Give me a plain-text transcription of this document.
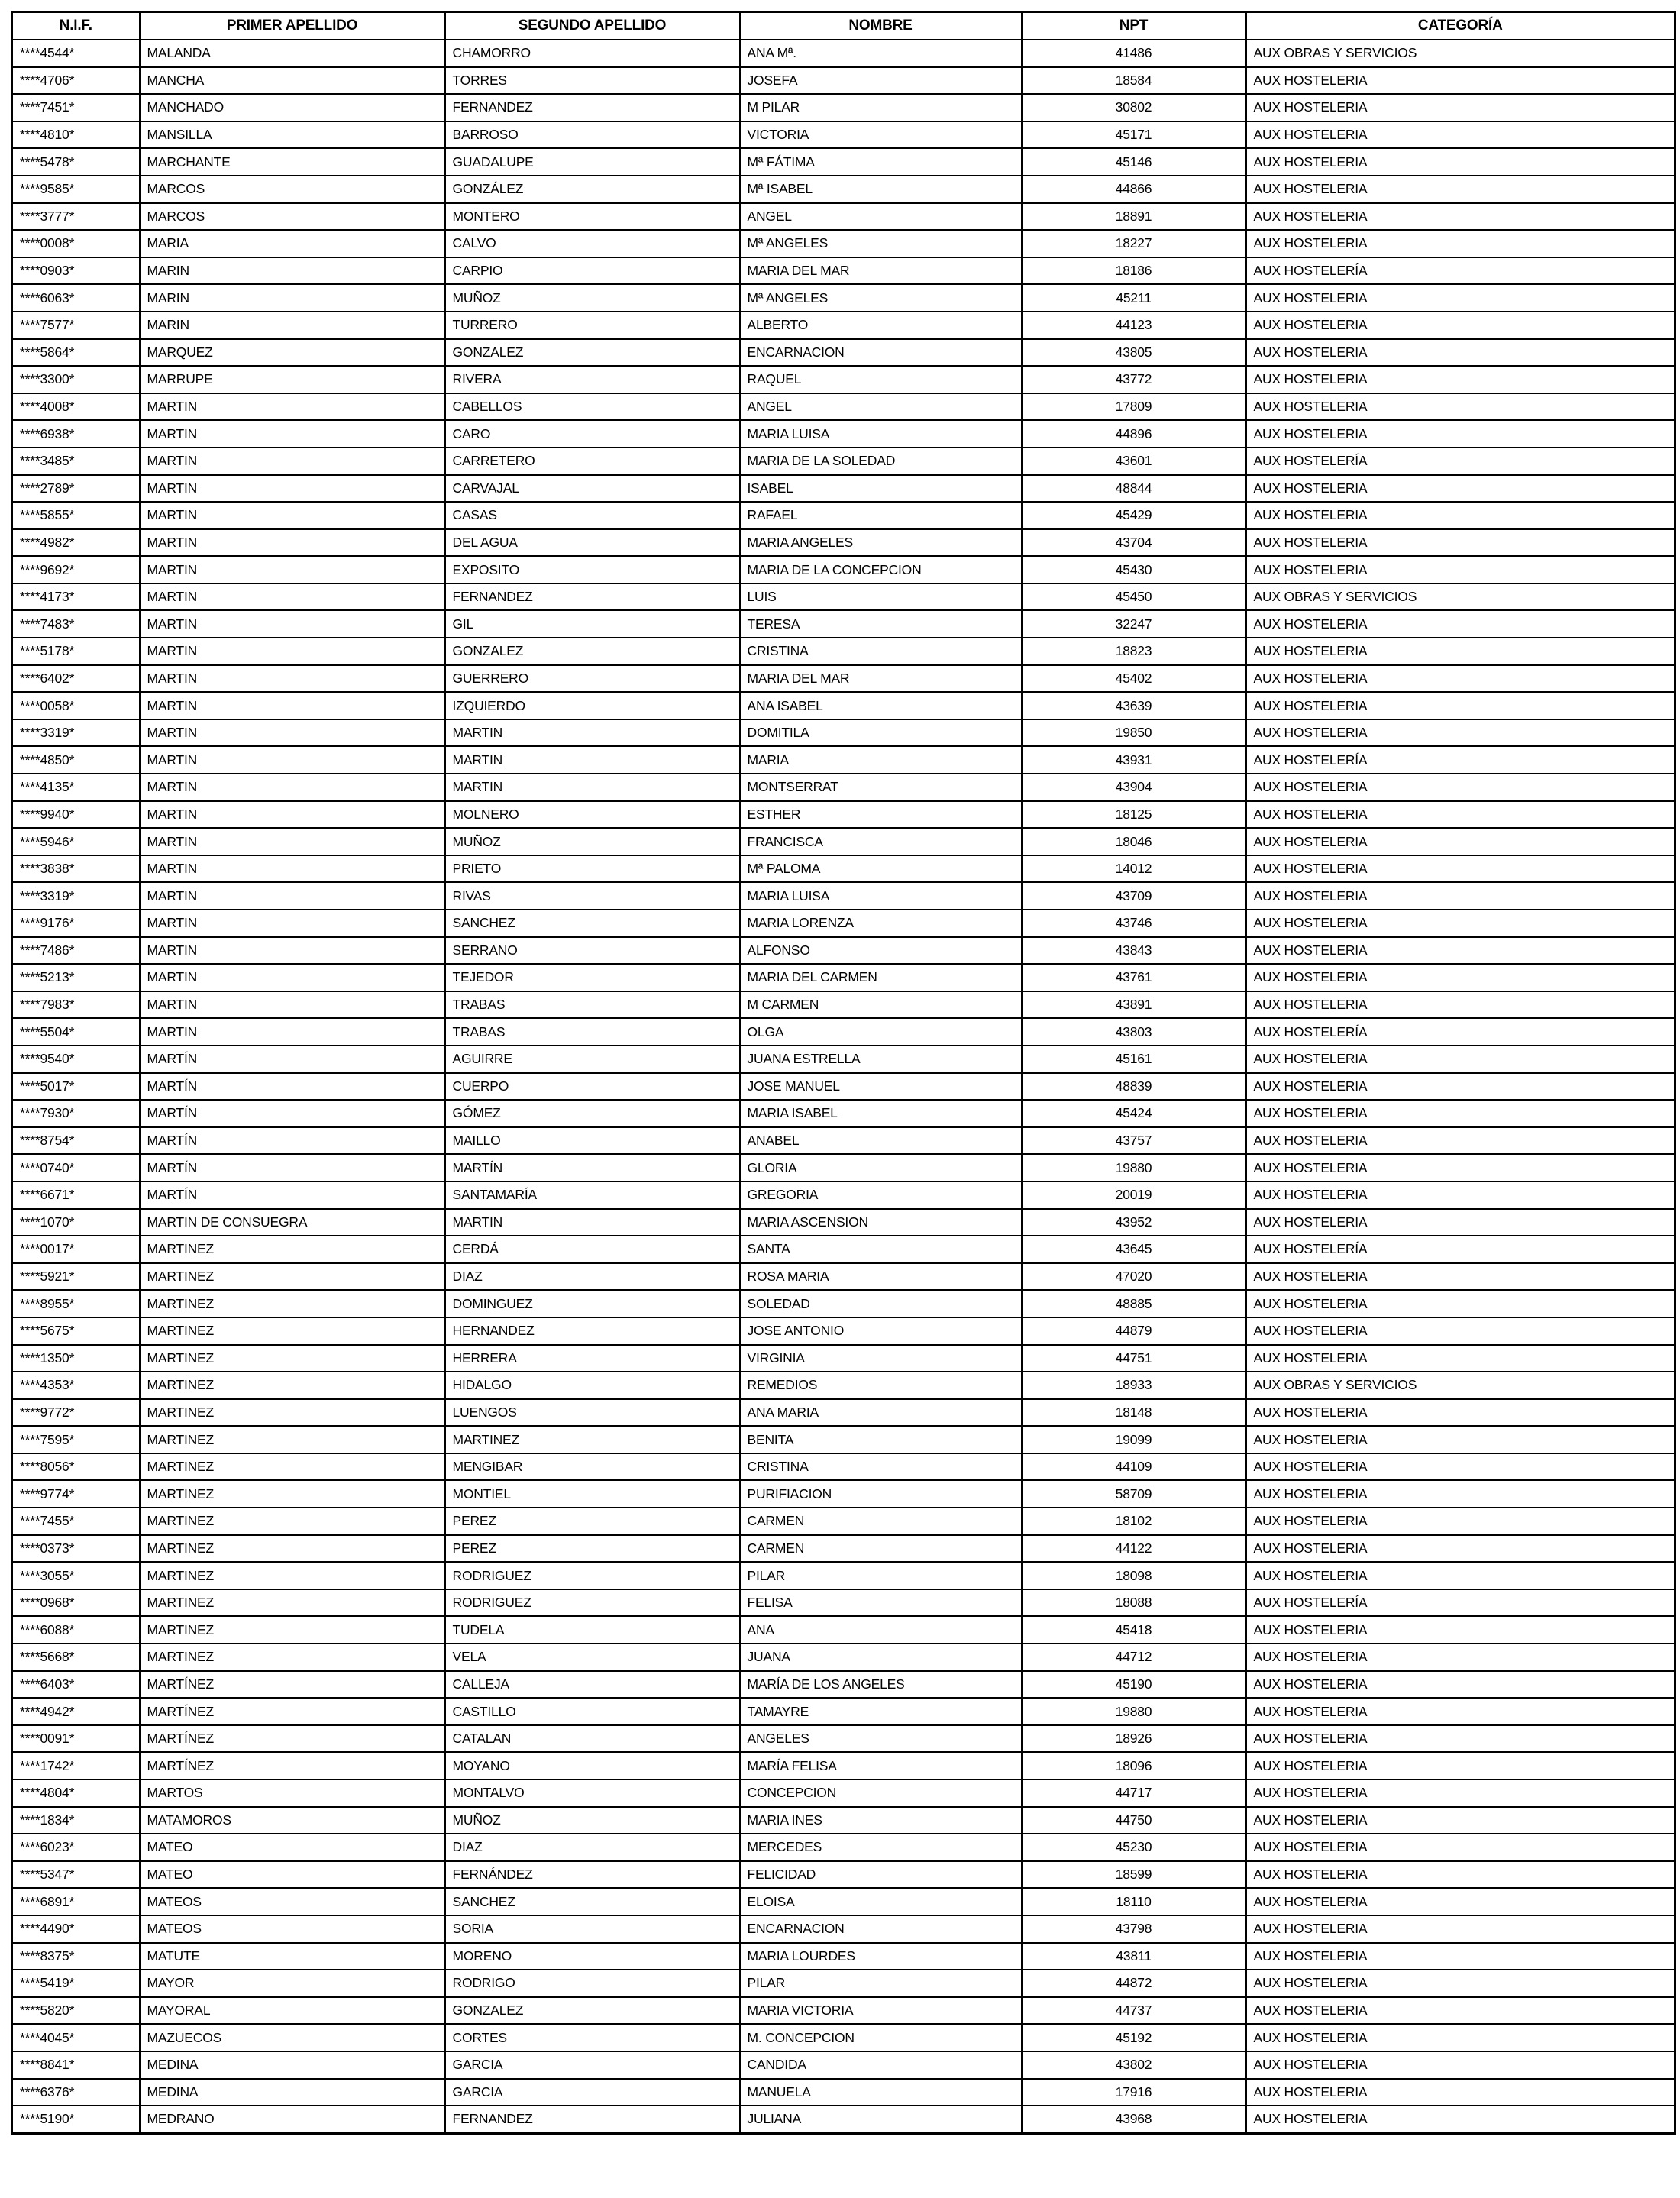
N.I.F.	PRIMER APELLIDO	SEGUNDO APELLIDO	NOMBRE	NPT	CATEGORÍA
****4544*	MALANDA	CHAMORRO	ANA Mª.	41486	AUX OBRAS Y SERVICIOS
****4706*	MANCHA	TORRES	JOSEFA	18584	AUX HOSTELERIA
****7451*	MANCHADO	FERNANDEZ	M PILAR	30802	AUX HOSTELERIA
****4810*	MANSILLA	BARROSO	VICTORIA	45171	AUX HOSTELERIA
****5478*	MARCHANTE	GUADALUPE	Mª FÁTIMA	45146	AUX HOSTELERIA
****9585*	MARCOS	GONZÁLEZ	Mª ISABEL	44866	AUX HOSTELERIA
****3777*	MARCOS	MONTERO	ANGEL	18891	AUX HOSTELERIA
****0008*	MARIA	CALVO	Mª ANGELES	18227	AUX HOSTELERIA
****0903*	MARIN	CARPIO	MARIA DEL MAR	18186	AUX HOSTELERÍA
****6063*	MARIN	MUÑOZ	Mª ANGELES	45211	AUX HOSTELERIA
****7577*	MARIN	TURRERO	ALBERTO	44123	AUX HOSTELERIA
****5864*	MARQUEZ	GONZALEZ	ENCARNACION	43805	AUX HOSTELERIA
****3300*	MARRUPE	RIVERA	RAQUEL	43772	AUX HOSTELERIA
****4008*	MARTIN	CABELLOS	ANGEL	17809	AUX HOSTELERIA
****6938*	MARTIN	CARO	MARIA LUISA	44896	AUX HOSTELERIA
****3485*	MARTIN	CARRETERO	MARIA DE LA SOLEDAD	43601	AUX HOSTELERÍA
****2789*	MARTIN	CARVAJAL	ISABEL	48844	AUX HOSTELERIA
****5855*	MARTIN	CASAS	RAFAEL	45429	AUX HOSTELERIA
****4982*	MARTIN	DEL AGUA	MARIA ANGELES	43704	AUX HOSTELERIA
****9692*	MARTIN	EXPOSITO	MARIA DE LA CONCEPCION	45430	AUX HOSTELERIA
****4173*	MARTIN	FERNANDEZ	LUIS	45450	AUX OBRAS Y SERVICIOS
****7483*	MARTIN	GIL	TERESA	32247	AUX HOSTELERIA
****5178*	MARTIN	GONZALEZ	CRISTINA	18823	AUX HOSTELERIA
****6402*	MARTIN	GUERRERO	MARIA DEL MAR	45402	AUX HOSTELERIA
****0058*	MARTIN	IZQUIERDO	ANA ISABEL	43639	AUX HOSTELERIA
****3319*	MARTIN	MARTIN	DOMITILA	19850	AUX HOSTELERIA
****4850*	MARTIN	MARTIN	MARIA	43931	AUX HOSTELERÍA
****4135*	MARTIN	MARTIN	MONTSERRAT	43904	AUX HOSTELERIA
****9940*	MARTIN	MOLNERO	ESTHER	18125	AUX HOSTELERIA
****5946*	MARTIN	MUÑOZ	FRANCISCA	18046	AUX HOSTELERIA
****3838*	MARTIN	PRIETO	Mª PALOMA	14012	AUX HOSTELERIA
****3319*	MARTIN	RIVAS	MARIA LUISA	43709	AUX HOSTELERIA
****9176*	MARTIN	SANCHEZ	MARIA LORENZA	43746	AUX HOSTELERIA
****7486*	MARTIN	SERRANO	ALFONSO	43843	AUX HOSTELERIA
****5213*	MARTIN	TEJEDOR	MARIA DEL CARMEN	43761	AUX HOSTELERIA
****7983*	MARTIN	TRABAS	M CARMEN	43891	AUX HOSTELERIA
****5504*	MARTIN	TRABAS	OLGA	43803	AUX HOSTELERÍA
****9540*	MARTÍN	AGUIRRE	JUANA ESTRELLA	45161	AUX HOSTELERIA
****5017*	MARTÍN	CUERPO	JOSE MANUEL	48839	AUX HOSTELERIA
****7930*	MARTÍN	GÓMEZ	MARIA ISABEL	45424	AUX HOSTELERIA
****8754*	MARTÍN	MAILLO	ANABEL	43757	AUX HOSTELERIA
****0740*	MARTÍN	MARTÍN	GLORIA	19880	AUX HOSTELERIA
****6671*	MARTÍN	SANTAMARÍA	GREGORIA	20019	AUX HOSTELERIA
****1070*	MARTIN DE CONSUEGRA	MARTIN	MARIA ASCENSION	43952	AUX HOSTELERIA
****0017*	MARTINEZ	CERDÁ	SANTA	43645	AUX HOSTELERÍA
****5921*	MARTINEZ	DIAZ	ROSA MARIA	47020	AUX HOSTELERIA
****8955*	MARTINEZ	DOMINGUEZ	SOLEDAD	48885	AUX HOSTELERIA
****5675*	MARTINEZ	HERNANDEZ	JOSE ANTONIO	44879	AUX HOSTELERIA
****1350*	MARTINEZ	HERRERA	VIRGINIA	44751	AUX HOSTELERIA
****4353*	MARTINEZ	HIDALGO	REMEDIOS	18933	AUX OBRAS Y SERVICIOS
****9772*	MARTINEZ	LUENGOS	ANA MARIA	18148	AUX HOSTELERIA
****7595*	MARTINEZ	MARTINEZ	BENITA	19099	AUX HOSTELERIA
****8056*	MARTINEZ	MENGIBAR	CRISTINA	44109	AUX HOSTELERIA
****9774*	MARTINEZ	MONTIEL	PURIFIACION	58709	AUX HOSTELERIA
****7455*	MARTINEZ	PEREZ	CARMEN	18102	AUX HOSTELERIA
****0373*	MARTINEZ	PEREZ	CARMEN	44122	AUX HOSTELERIA
****3055*	MARTINEZ	RODRIGUEZ	PILAR	18098	AUX HOSTELERIA
****0968*	MARTINEZ	RODRIGUEZ	FELISA	18088	AUX HOSTELERÍA
****6088*	MARTINEZ	TUDELA	ANA	45418	AUX HOSTELERIA
****5668*	MARTINEZ	VELA	JUANA	44712	AUX HOSTELERIA
****6403*	MARTÍNEZ	CALLEJA	MARÍA DE LOS ANGELES	45190	AUX HOSTELERIA
****4942*	MARTÍNEZ	CASTILLO	TAMAYRE	19880	AUX HOSTELERIA
****0091*	MARTÍNEZ	CATALAN	ANGELES	18926	AUX HOSTELERIA
****1742*	MARTÍNEZ	MOYANO	MARÍA FELISA	18096	AUX HOSTELERIA
****4804*	MARTOS	MONTALVO	CONCEPCION	44717	AUX HOSTELERIA
****1834*	MATAMOROS	MUÑOZ	MARIA INES	44750	AUX HOSTELERIA
****6023*	MATEO	DIAZ	MERCEDES	45230	AUX HOSTELERIA
****5347*	MATEO	FERNÁNDEZ	FELICIDAD	18599	AUX HOSTELERIA
****6891*	MATEOS	SANCHEZ	ELOISA	18110	AUX HOSTELERIA
****4490*	MATEOS	SORIA	ENCARNACION	43798	AUX HOSTELERIA
****8375*	MATUTE	MORENO	MARIA LOURDES	43811	AUX HOSTELERIA
****5419*	MAYOR	RODRIGO	PILAR	44872	AUX HOSTELERIA
****5820*	MAYORAL	GONZALEZ	MARIA VICTORIA	44737	AUX HOSTELERIA
****4045*	MAZUECOS	CORTES	M. CONCEPCION	45192	AUX HOSTELERIA
****8841*	MEDINA	GARCIA	CANDIDA	43802	AUX HOSTELERIA
****6376*	MEDINA	GARCIA	MANUELA	17916	AUX HOSTELERIA
****5190*	MEDRANO	FERNANDEZ	JULIANA	43968	AUX HOSTELERIA
